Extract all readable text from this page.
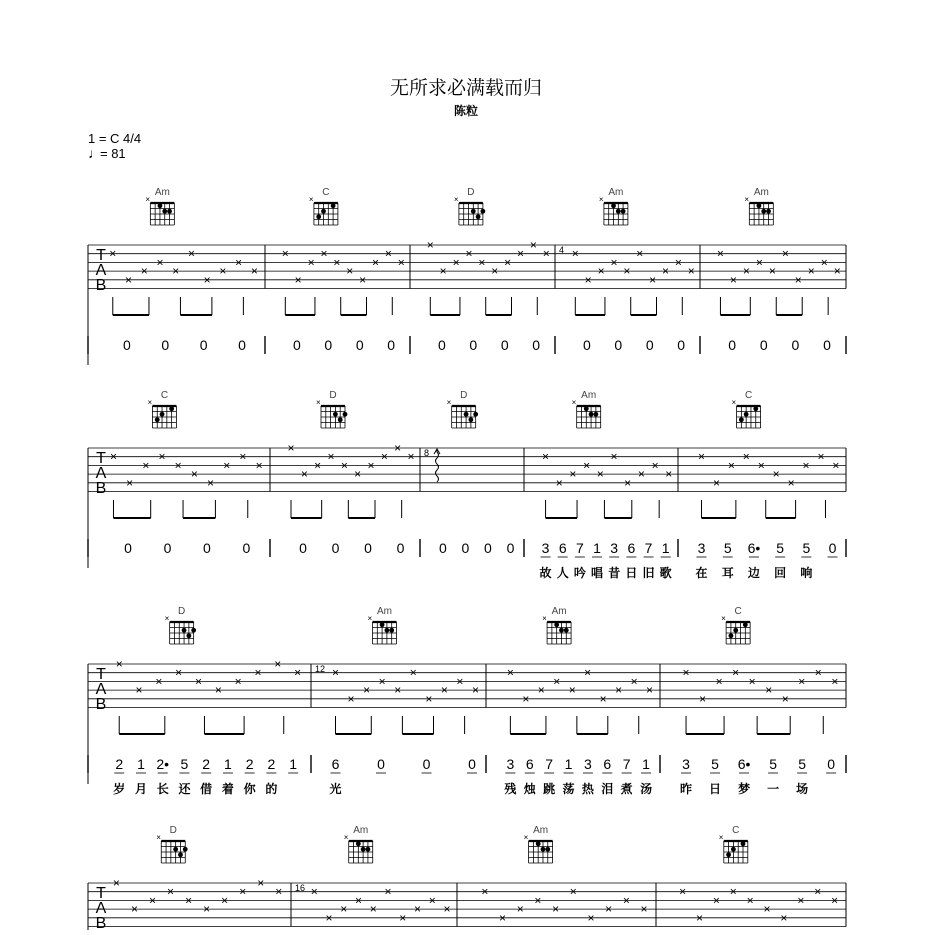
无所求必满载而归
陈粒
1 = C 4/4
♩
= 81
T
A
B
Am
×
×
×
×
×
×
×
×
×
×
×
0 0 0 0
C
×
×
×
×
×
×
×
×
×
×
×
0 0 0 0
D
×
×
×
×
×
×
×
×
×
×
×
0 0 0 0
Am
×
4 ×
×
×
×
×
×
×
×
×
×
0 0 0 0
Am
×
×
×
×
×
×
×
×
×
×
×
0 0 0 0
T
A
B
C
×
×
×
×
×
×
×
×
×
×
×
0 0 0 0
D
×
×
×
×
×
×
×
×
×
×
×
0 0 0 0
D
×
8
0 0 0 0
Am
×
×
×
×
×
×
×
×
×
×
×
3 6 7 1 3 6 7 1
故 人 吟 唱 昔 日 旧 歌
C
×
×
×
×
×
×
×
×
×
×
×
3 5 6• 5 5 0
在 耳 边 回 响
T
A
B
D
×
×
×
×
×
×
×
×
×
×
×
2 1 2• 5 2 1 2 2 1
岁 月 长 还 借 着 你 的
Am
×
12 ×
×
×
×
×
×
×
×
×
×
6	0	0	0
光
Am
×
×
×
×
×
×
×
×
×
×
×
3 6 7 1 3 6 7 1
残 烛 跳 荡 热 泪 煮 汤
C
×
×
×
×
×
×
×
×
×
×
×
3 5 6• 5 5 0
昨 日 梦 一 场
T
A
B
D
×
×
×
×
×
×
×
×
×
×
×
Am
×
16 ×
×
×
×
×
×
×
×
×
×
Am
×
×
×
×
×
×
×
×
×
×
×
C
×
×
×
×
×
×
×
×
×
×
×
